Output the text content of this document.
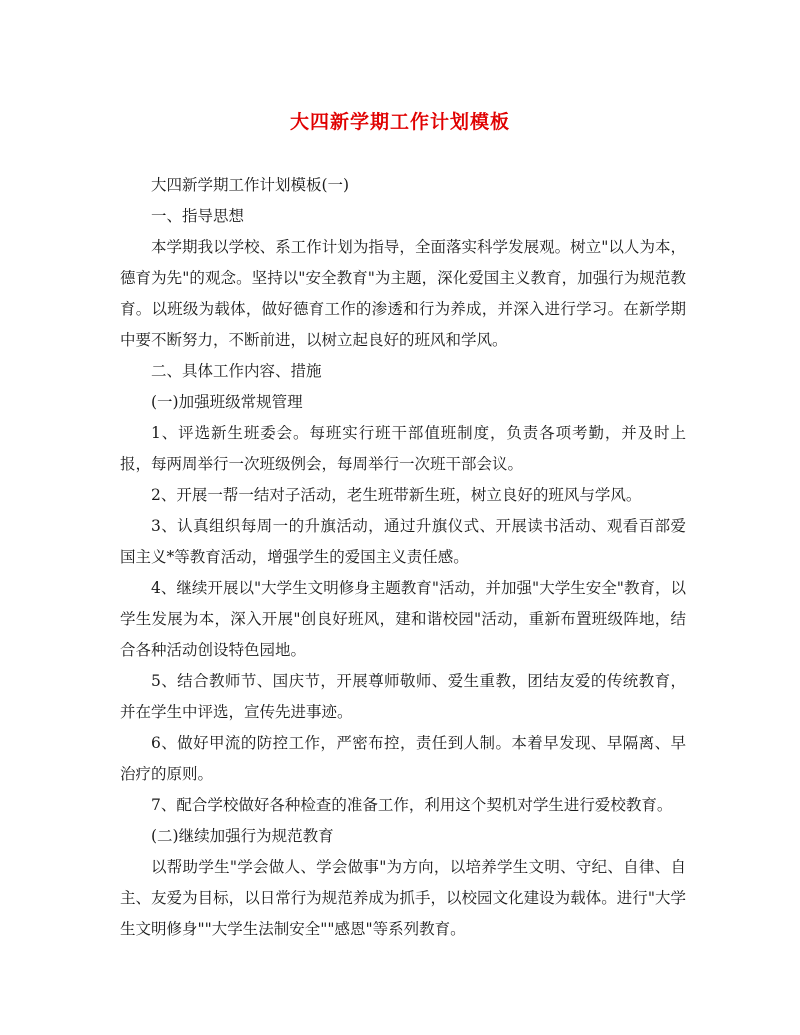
大四新学期工作计划模板

大四新学期工作计划模板(一)

一、指导思想

本学期我以学校、系工作计划为指导，全面落实科学发展观。树立"以人为本，德育为先"的观念。坚持以"安全教育"为主题，深化爱国主义教育，加强行为规范教育。以班级为载体，做好德育工作的渗透和行为养成，并深入进行学习。在新学期中要不断努力，不断前进，以树立起良好的班风和学风。

二、具体工作内容、措施

(一)加强班级常规管理

1、评选新生班委会。每班实行班干部值班制度，负责各项考勤，并及时上报，每两周举行一次班级例会，每周举行一次班干部会议。

2、开展一帮一结对子活动，老生班带新生班，树立良好的班风与学风。

3、认真组织每周一的升旗活动，通过升旗仪式、开展读书活动、观看百部爱国主义*等教育活动，增强学生的爱国主义责任感。

4、继续开展以"大学生文明修身主题教育"活动，并加强"大学生安全"教育，以学生发展为本，深入开展"创良好班风，建和谐校园"活动，重新布置班级阵地，结合各种活动创设特色园地。

5、结合教师节、国庆节，开展尊师敬师、爱生重教，团结友爱的传统教育，并在学生中评选，宣传先进事迹。

6、做好甲流的防控工作，严密布控，责任到人制。本着早发现、早隔离、早治疗的原则。

7、配合学校做好各种检查的准备工作，利用这个契机对学生进行爱校教育。

(二)继续加强行为规范教育

以帮助学生"学会做人、学会做事"为方向，以培养学生文明、守纪、自律、自主、友爱为目标，以日常行为规范养成为抓手，以校园文化建设为载体。进行"大学生文明修身""大学生法制安全""感恩"等系列教育。
